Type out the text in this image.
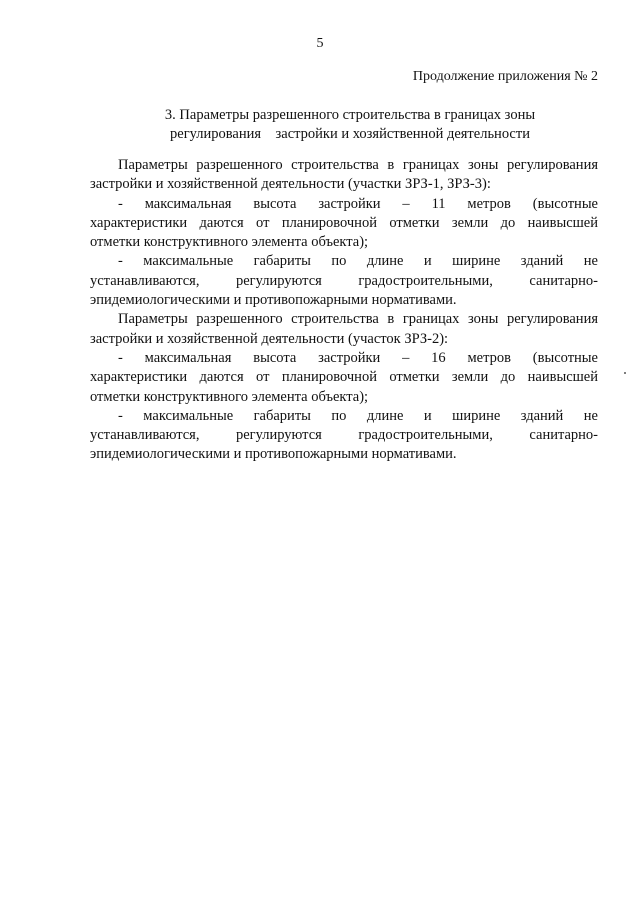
5
Продолжение приложения № 2
3. Параметры разрешенного строительства в границах зоны
регулирования    застройки и хозяйственной деятельности
Параметры разрешенного строительства в границах зоны регулирования
застройки и хозяйственной деятельности (участки ЗРЗ-1, ЗРЗ-3):
- максимальная высота застройки – 11 метров (высотные
характеристики даются от планировочной отметки земли до наивысшей
отметки конструктивного элемента объекта);
- максимальные габариты по длине и ширине зданий не
устанавливаются, регулируются градостроительными, санитарно-
эпидемиологическими и противопожарными нормативами.
Параметры разрешенного строительства в границах зоны регулирования
застройки и хозяйственной деятельности (участок ЗРЗ-2):
- максимальная высота застройки – 16 метров (высотные
характеристики даются от планировочной отметки земли до наивысшей
отметки конструктивного элемента объекта);
- максимальные габариты по длине и ширине зданий не
устанавливаются, регулируются градостроительными, санитарно-
эпидемиологическими и противопожарными нормативами.
